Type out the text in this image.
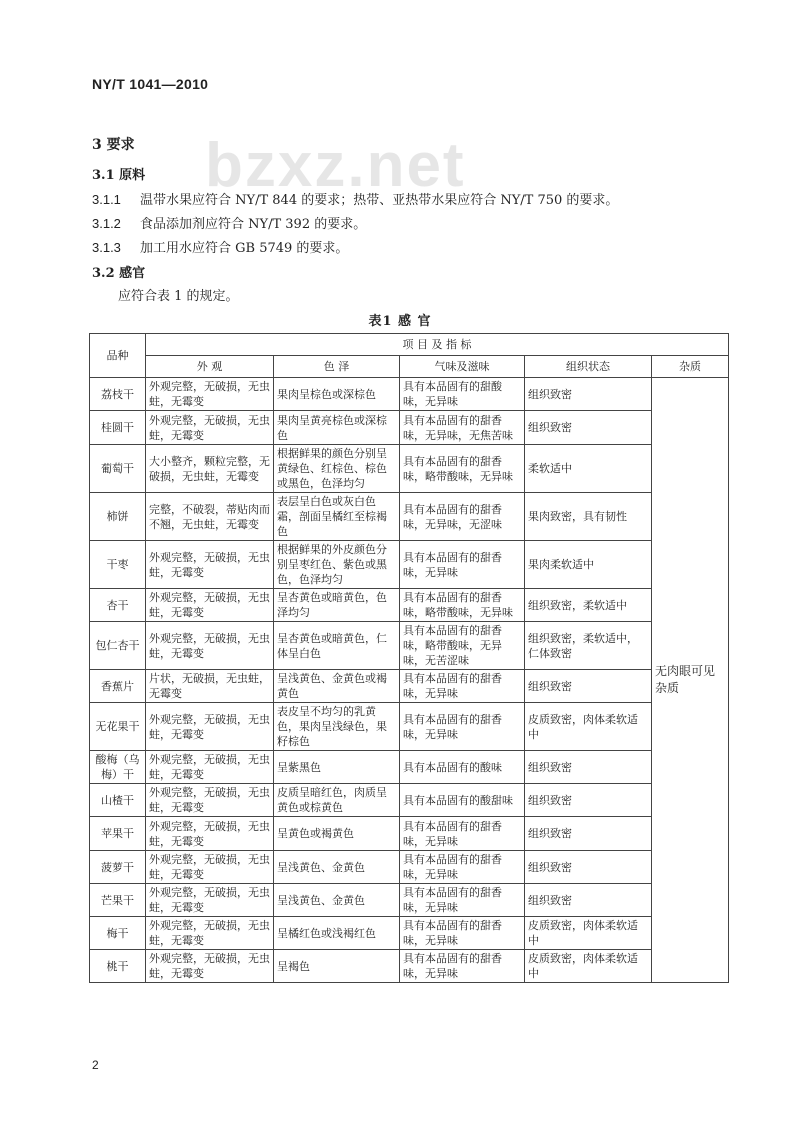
NY/T 1041—2010
bzxz.net
3 要求
3.1 原料
3.1.1 温带水果应符合 NY/T 844 的要求；热带、亚热带水果应符合 NY/T 750 的要求。
3.1.2 食品添加剂应符合 NY/T 392 的要求。
3.1.3 加工用水应符合 GB 5749 的要求。
3.2 感官
应符合表 1 的规定。
表1 感 官
品种	项 目 及 指 标				
	外 观	色 泽	气味及滋味	组织状态	杂质
荔枝干	外观完整，无破损，无虫蛀，无霉变	果肉呈棕色或深棕色	具有本品固有的甜酸味，无异味	组织致密	无肉眼可见杂质
桂圆干	外观完整，无破损，无虫蛀，无霉变	果肉呈黄亮棕色或深棕色	具有本品固有的甜香味，无异味，无焦苦味	组织致密	
葡萄干	大小整齐，颗粒完整，无破损，无虫蛀，无霉变	根据鲜果的颜色分别呈黄绿色、红棕色、棕色或黑色，色泽均匀	具有本品固有的甜香味，略带酸味，无异味	柔软适中	
柿饼	完整，不破裂，蒂贴肉而不翘，无虫蛀，无霉变	表层呈白色或灰白色霜，剖面呈橘红至棕褐色	具有本品固有的甜香味，无异味，无涩味	果肉致密，具有韧性	
干枣	外观完整，无破损，无虫蛀，无霉变	根据鲜果的外皮颜色分别呈枣红色、紫色或黑色，色泽均匀	具有本品固有的甜香味，无异味	果肉柔软适中	
杏干	外观完整，无破损，无虫蛀，无霉变	呈杏黄色或暗黄色，色泽均匀	具有本品固有的甜香味，略带酸味，无异味	组织致密，柔软适中	
包仁杏干	外观完整，无破损，无虫蛀，无霉变	呈杏黄色或暗黄色，仁体呈白色	具有本品固有的甜香味，略带酸味，无异味，无苦涩味	组织致密，柔软适中，仁体致密	
香蕉片	片状，无破损，无虫蛀，无霉变	呈浅黄色、金黄色或褐黄色	具有本品固有的甜香味，无异味	组织致密	
无花果干	外观完整，无破损，无虫蛀，无霉变	表皮呈不均匀的乳黄色，果肉呈浅绿色，果籽棕色	具有本品固有的甜香味，无异味	皮质致密，肉体柔软适中	
酸梅（乌梅）干	外观完整，无破损，无虫蛀，无霉变	呈紫黑色	具有本品固有的酸味	组织致密	
山楂干	外观完整，无破损，无虫蛀，无霉变	皮质呈暗红色，肉质呈黄色或棕黄色	具有本品固有的酸甜味	组织致密	
苹果干	外观完整，无破损，无虫蛀，无霉变	呈黄色或褐黄色	具有本品固有的甜香味，无异味	组织致密	
菠萝干	外观完整，无破损，无虫蛀，无霉变	呈浅黄色、金黄色	具有本品固有的甜香味，无异味	组织致密	
芒果干	外观完整，无破损，无虫蛀，无霉变	呈浅黄色、金黄色	具有本品固有的甜香味，无异味	组织致密	
梅干	外观完整，无破损，无虫蛀，无霉变	呈橘红色或浅褐红色	具有本品固有的甜香味，无异味	皮质致密，肉体柔软适中	
桃干	外观完整，无破损，无虫蛀，无霉变	呈褐色	具有本品固有的甜香味，无异味	皮质致密，肉体柔软适中	
2
